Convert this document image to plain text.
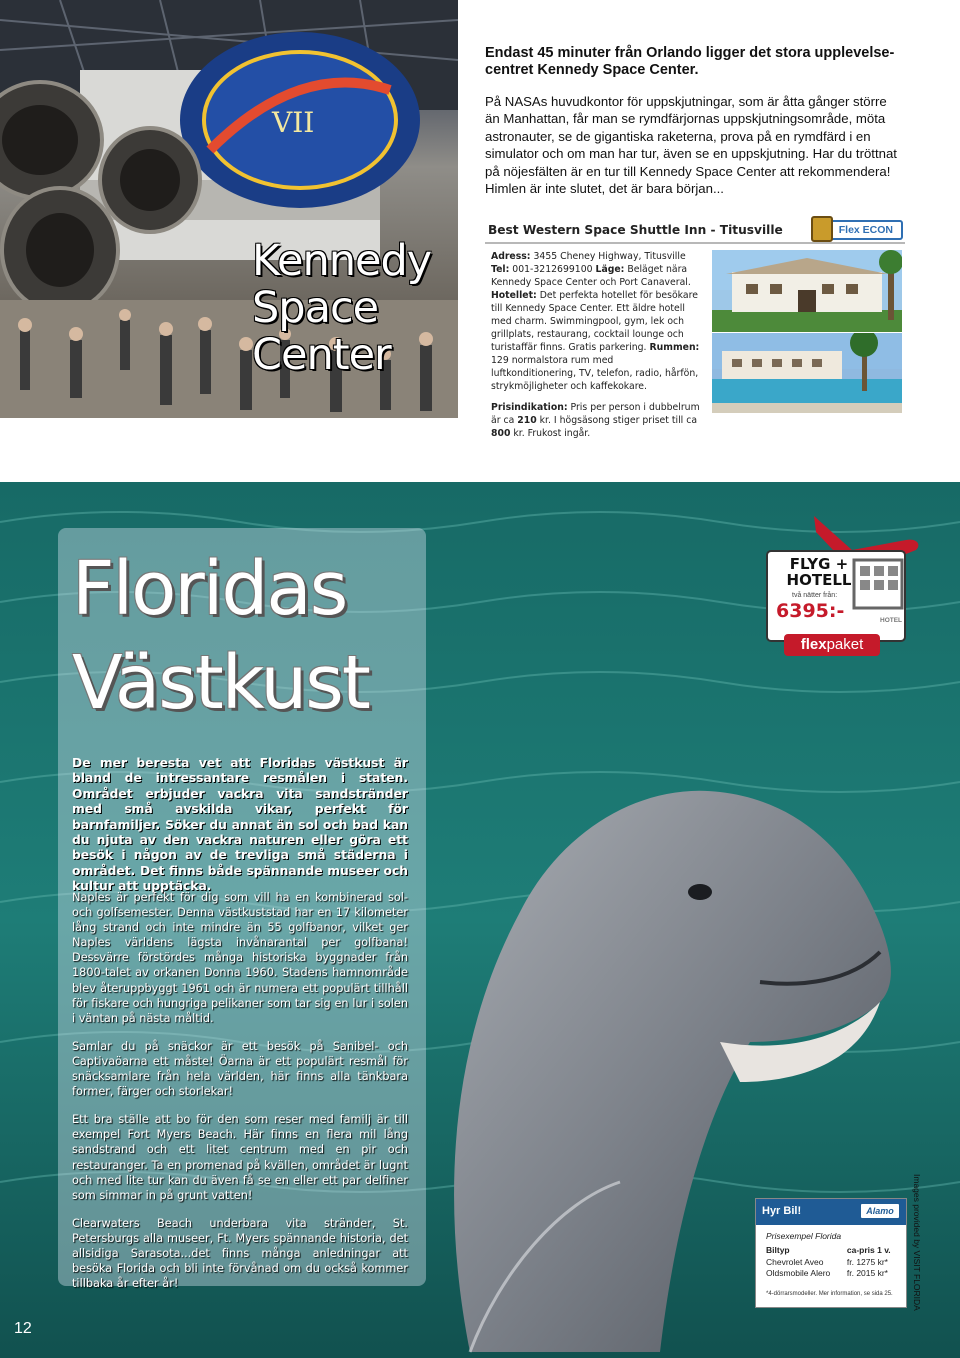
VII
Kennedy
Space
Center

Endast 45 minuter från Orlando ligger det stora upplevelse-centret Kennedy Space Center.

På NASAs huvudkontor för uppskjutningar, som är åtta gånger större än Manhattan, får man se rymdfärjornas uppskjutningsområde, möta astronauter, se de gigantiska raketerna, prova på en rymdfärd i en simulator och om man har tur, även se en uppskjutning. Har du tröttnat på nöjesfälten är en tur till Kennedy Space Center att rekommendera! Himlen är inte slutet, det är bara början...

Best Western Space Shuttle Inn - Titusville	Flex ECON

Adress: 3455 Cheney Highway, Titusville Tel: 001-3212699100 Läge: Beläget nära Kennedy Space Center och Port Canaveral. Hotellet: Det perfekta hotellet för besökare till Kennedy Space Center. Ett äldre hotell med charm. Swimmingpool, gym, lek och grillplats, restaurang, cocktail lounge och turistaffär finns. Gratis parkering. Rummen: 129 normalstora rum med luftkonditionering, TV, telefon, radio, hårfön, strykmöjligheter och kaffekokare.

Prisindikation: Pris per person i dubbelrum är ca 210 kr. I högsäsong stiger priset till ca 800 kr. Frukost ingår.

Floridas
Västkust

De mer beresta vet att Floridas västkust är bland de intressantare resmålen i staten. Området erbjuder vackra vita sandstränder med små avskilda vikar, perfekt för barnfamiljer. Söker du annat än sol och bad kan du njuta av den vackra naturen eller göra ett besök i någon av de trevliga små städerna i området. Det finns både spännande museer och kultur att upptäcka.

Naples är perfekt för dig som vill ha en kombinerad sol- och golfsemester. Denna västkuststad har en 17 kilometer lång strand och inte mindre än 55 golfbanor, vilket ger Naples världens lägsta invånarantal per golfbana! Dessvärre förstördes många historiska byggnader från 1800-talet av orkanen Donna 1960. Stadens hamnområde blev återuppbyggt 1961 och är numera ett populärt tillhåll för fiskare och hungriga pelikaner som tar sig en lur i solen i väntan på nästa måltid.

Samlar du på snäckor är ett besök på Sanibel- och Captivaöarna ett måste! Öarna är ett populärt resmål för snäcksamlare från hela världen, här finns alla tänkbara former, färger och storlekar!

Ett bra ställe att bo för den som reser med familj är till exempel Fort Myers Beach. Här finns en flera mil lång sandstrand och ett litet centrum med en pir och restauranger. Ta en promenad på kvällen, området är lugnt och med lite tur kan du även få se en eller ett par delfiner som simmar in på grunt vatten!

Clearwaters Beach underbara vita stränder, St. Petersburgs alla museer, Ft. Myers spännande historia, det allsidiga Sarasota...det finns många anledningar att besöka Florida och bli inte förvånad om du också kommer tillbaka år efter år!

FLYG +
HOTELL
två nätter från:
6395:-	HOTEL
flexpaket
Hyr Bil!	Alamo
Prisexempel Florida
Biltyp	ca-pris 1 v.
Chevrolet Aveo	fr. 1275 kr*
Oldsmobile Alero	fr. 2015 kr*
*4-dörrarsmodeller. Mer information, se sida 25.	Images provided by VISIT FLORIDA
12
